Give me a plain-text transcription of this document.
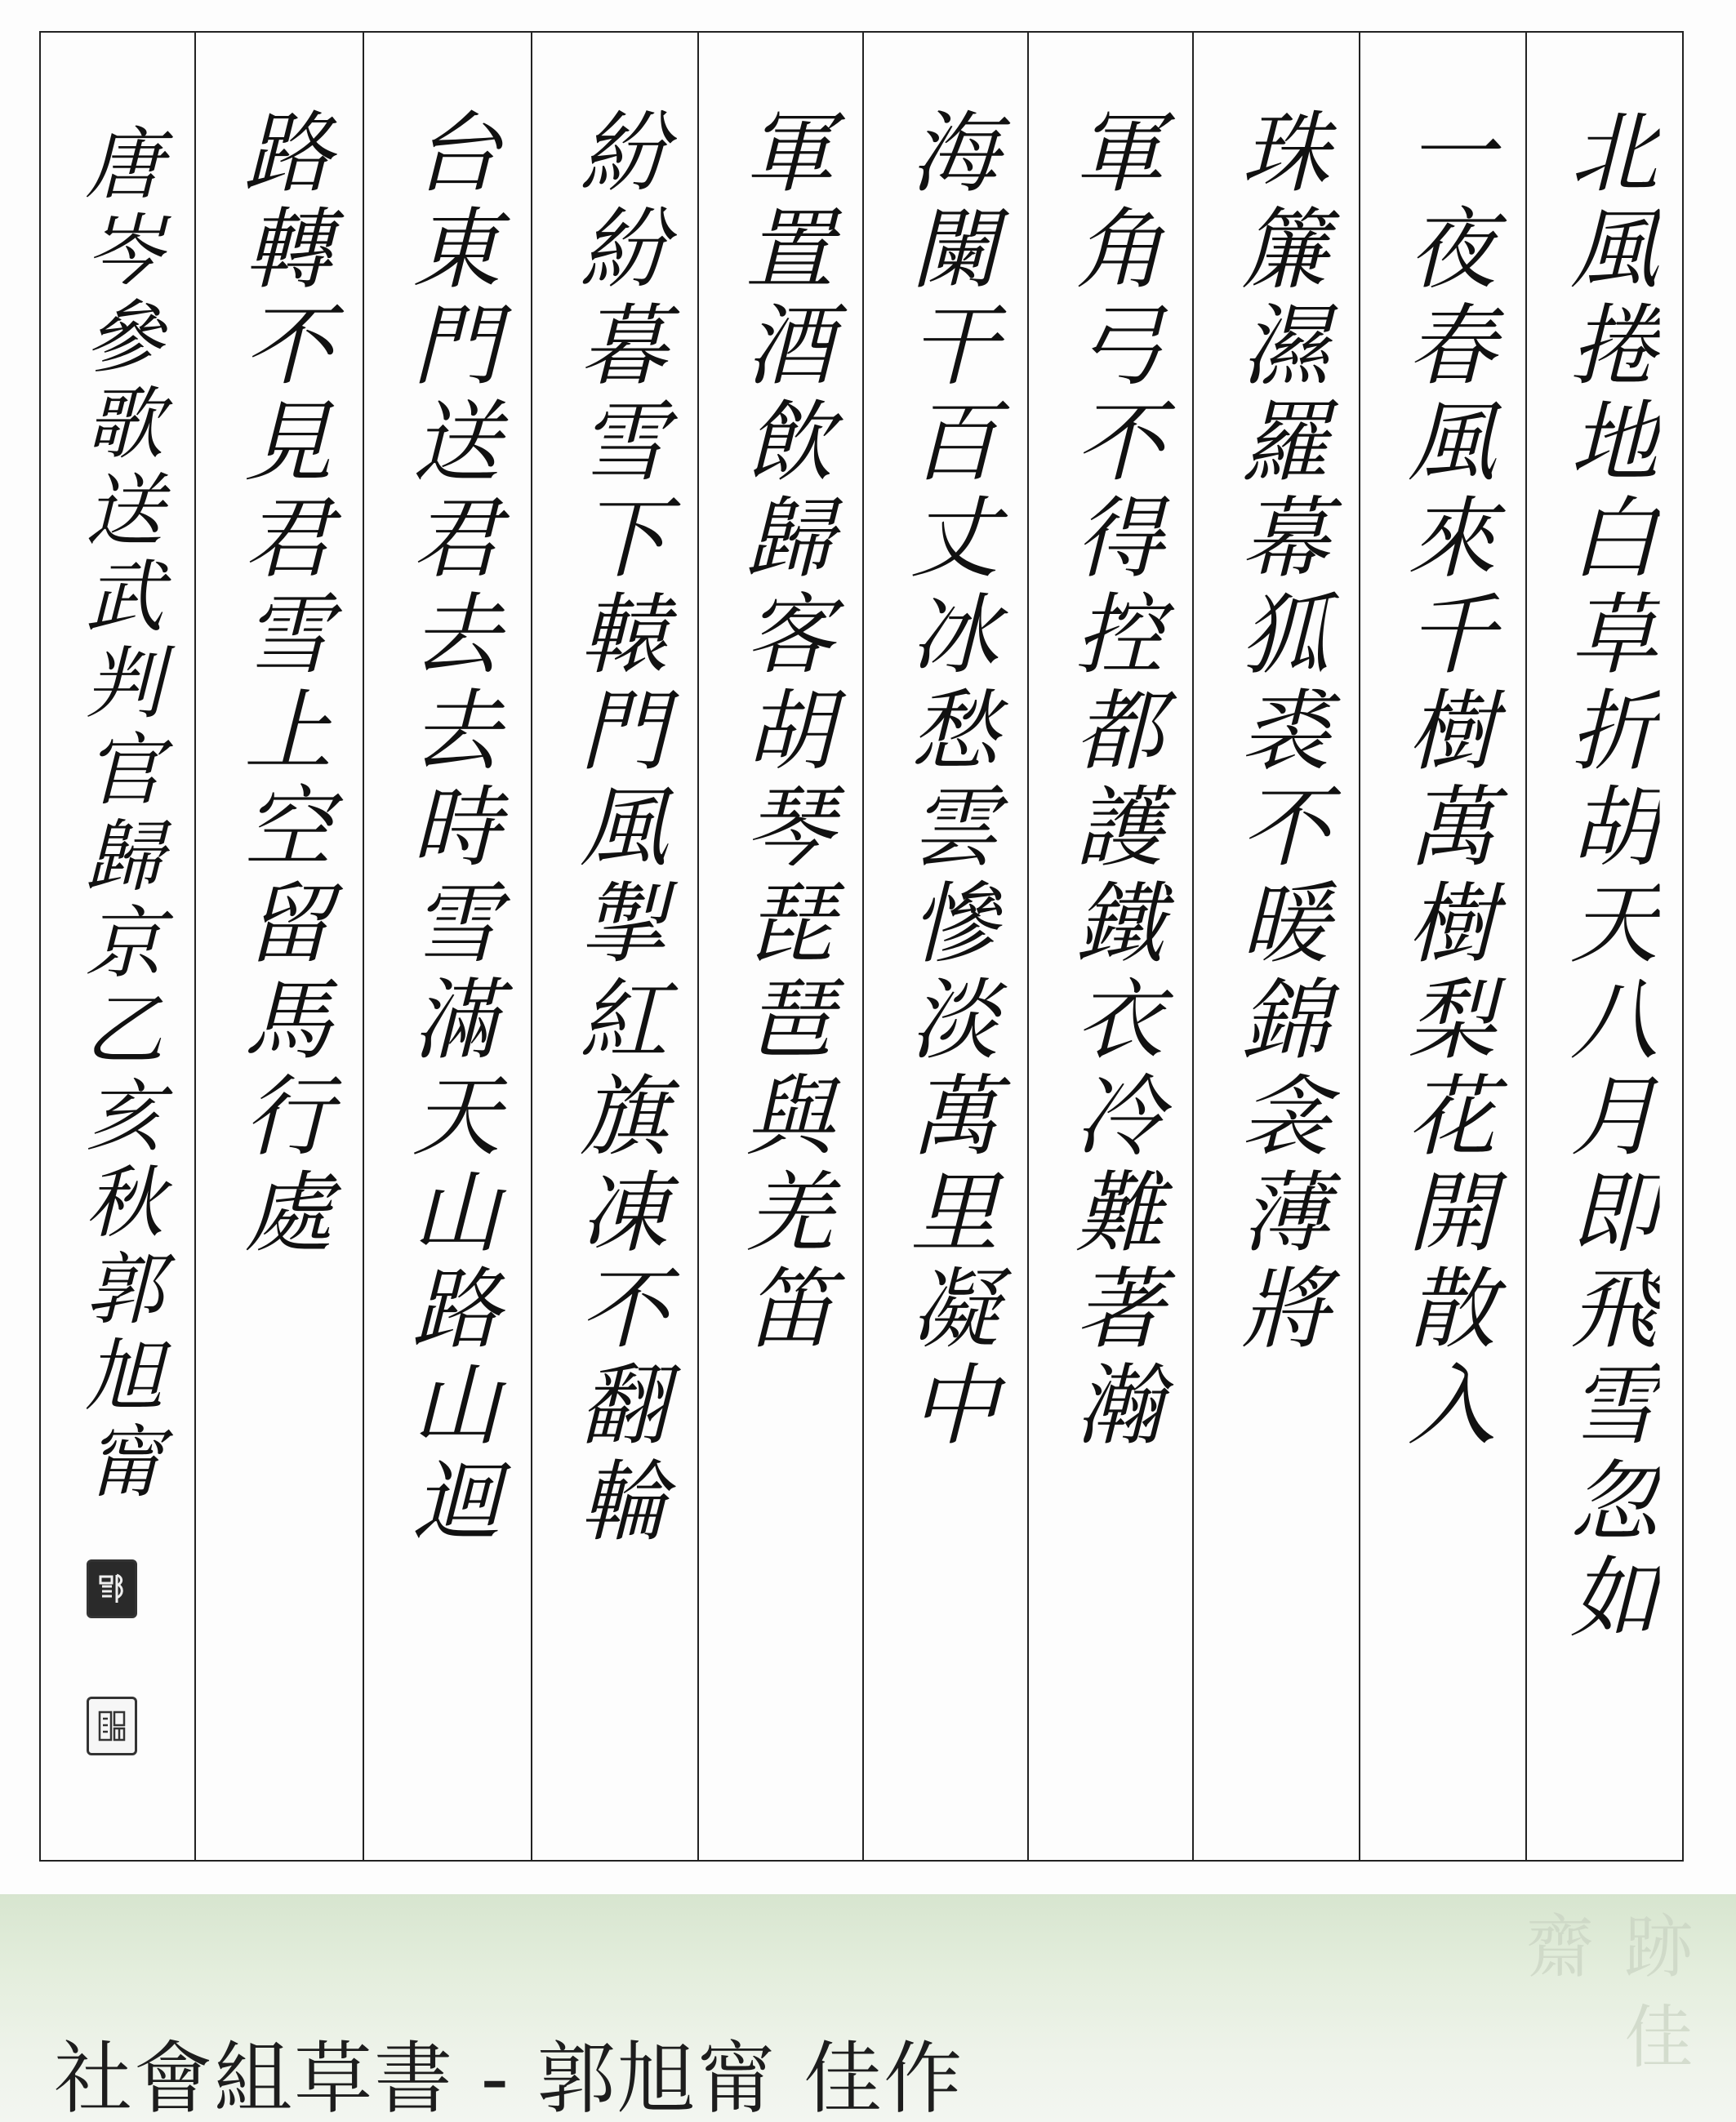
北風捲地白草折胡天八月即飛雪忽如
一夜春風來千樹萬樹梨花開散入
珠簾濕羅幕狐裘不暖錦衾薄將
軍角弓不得控都護鐵衣冷難著瀚
海闌干百丈冰愁雲慘淡萬里凝中
軍置酒飲歸客胡琴琵琶與羌笛
紛紛暮雪下轅門風掣紅旗凍不翻輪
台東門送君去去時雪滿天山路山迴
路轉不見君雪上空留馬行處
唐岑參歌送武判官歸京乙亥秋郭旭甯
跡 佳 齋
社會組草書 - 郭旭甯 佳作
